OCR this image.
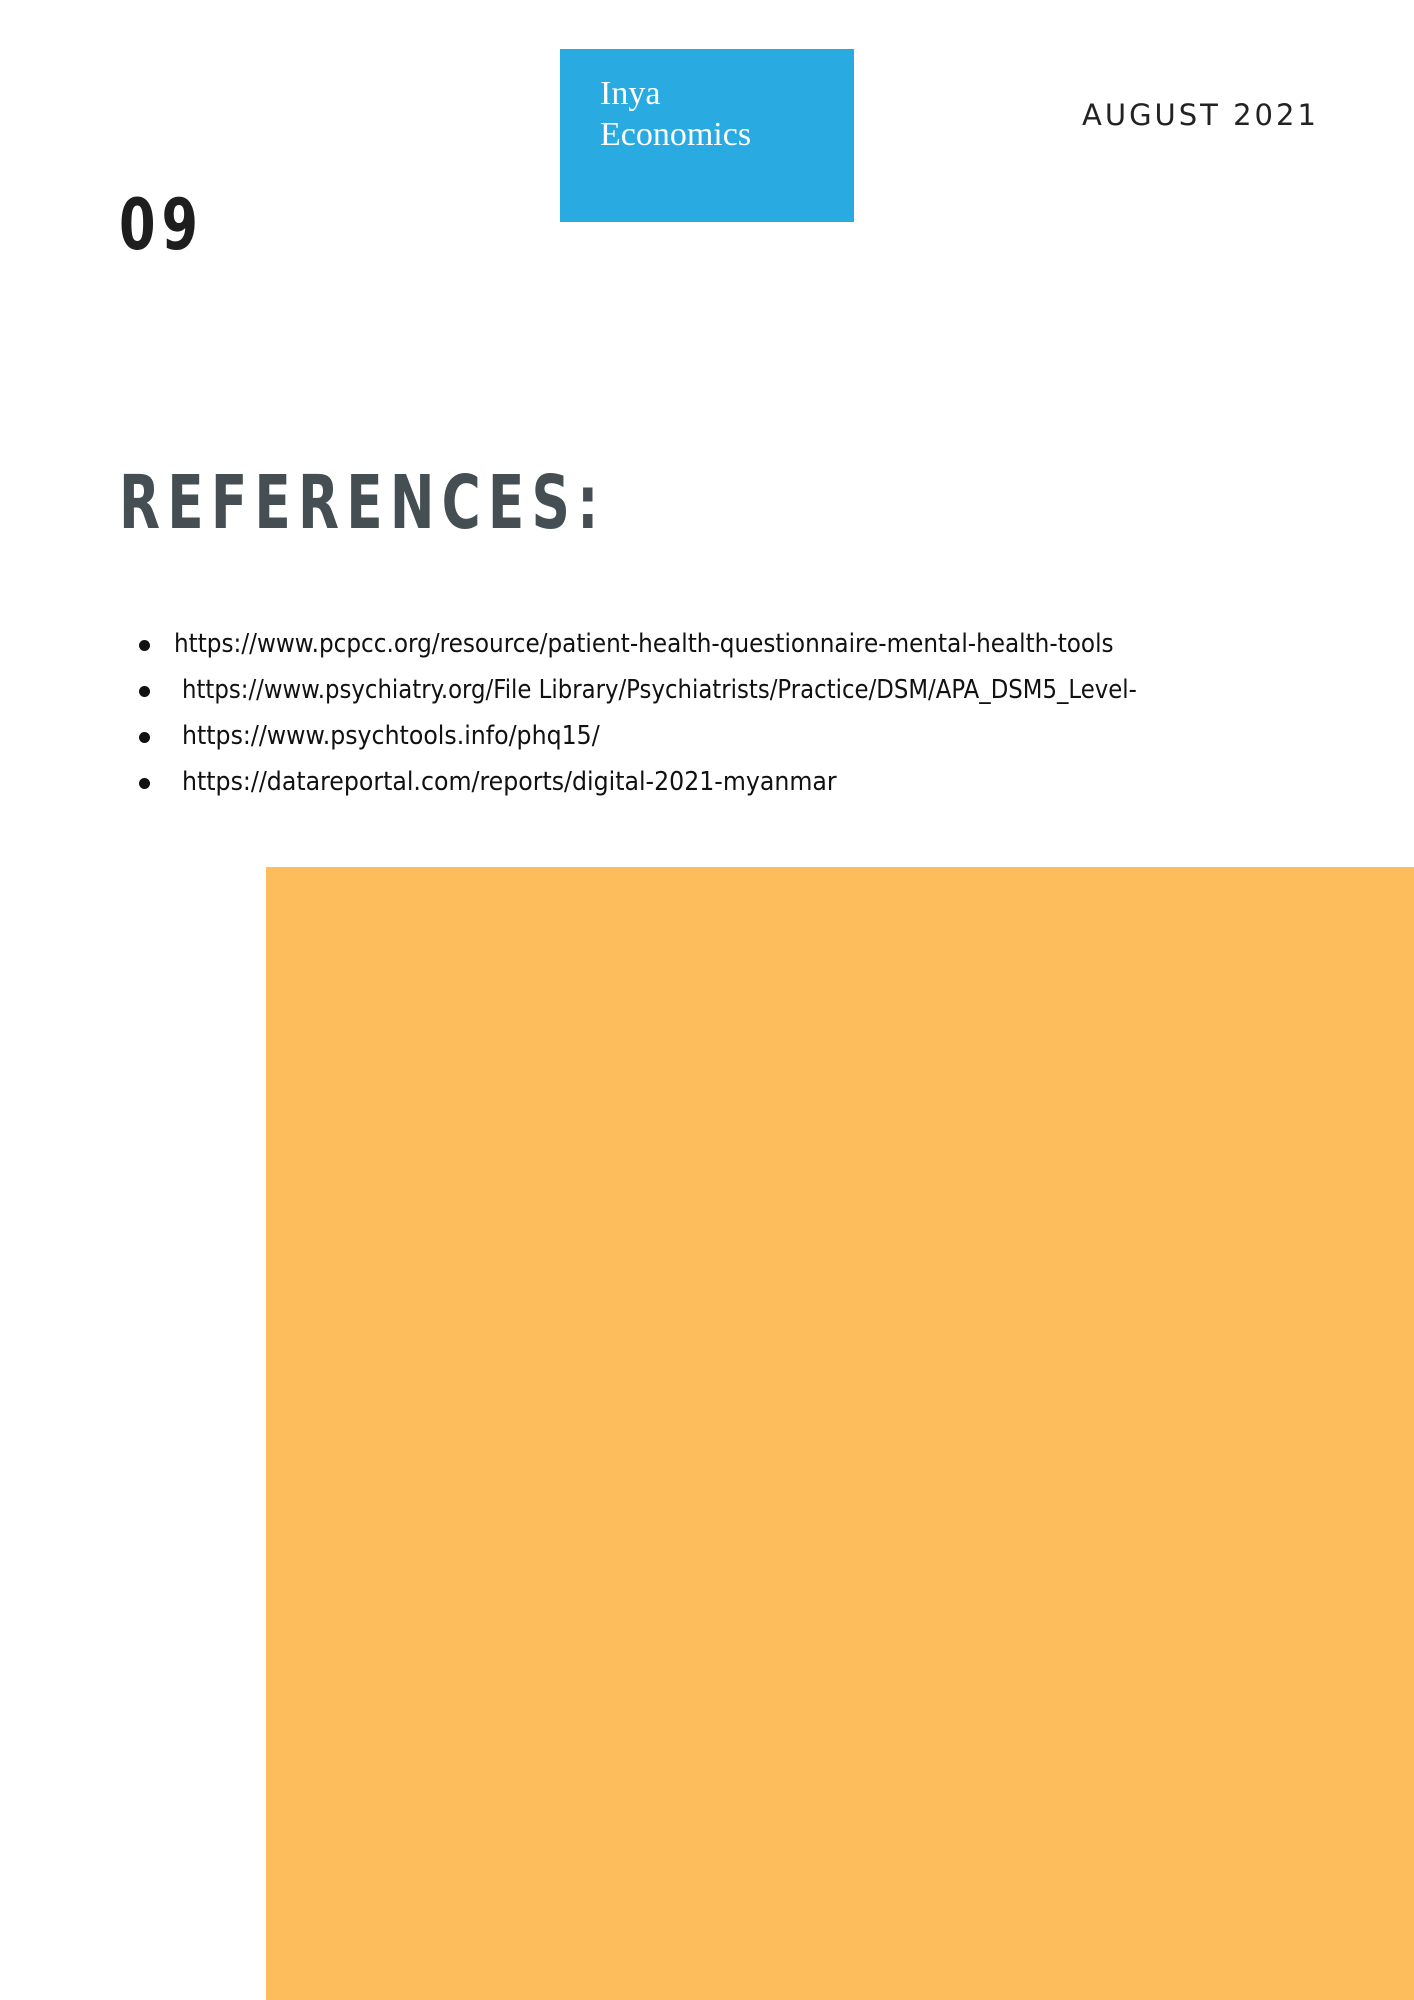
Inya
Economics
AUGUST 2021
09
REFERENCES:
https://www.pcpcc.org/resource/patient-health-questionnaire-mental-health-tools
https://www.psychiatry.org/File Library/Psychiatrists/Practice/DSM/APA_DSM5_Level-
https://www.psychtools.info/phq15/
https://datareportal.com/reports/digital-2021-myanmar
